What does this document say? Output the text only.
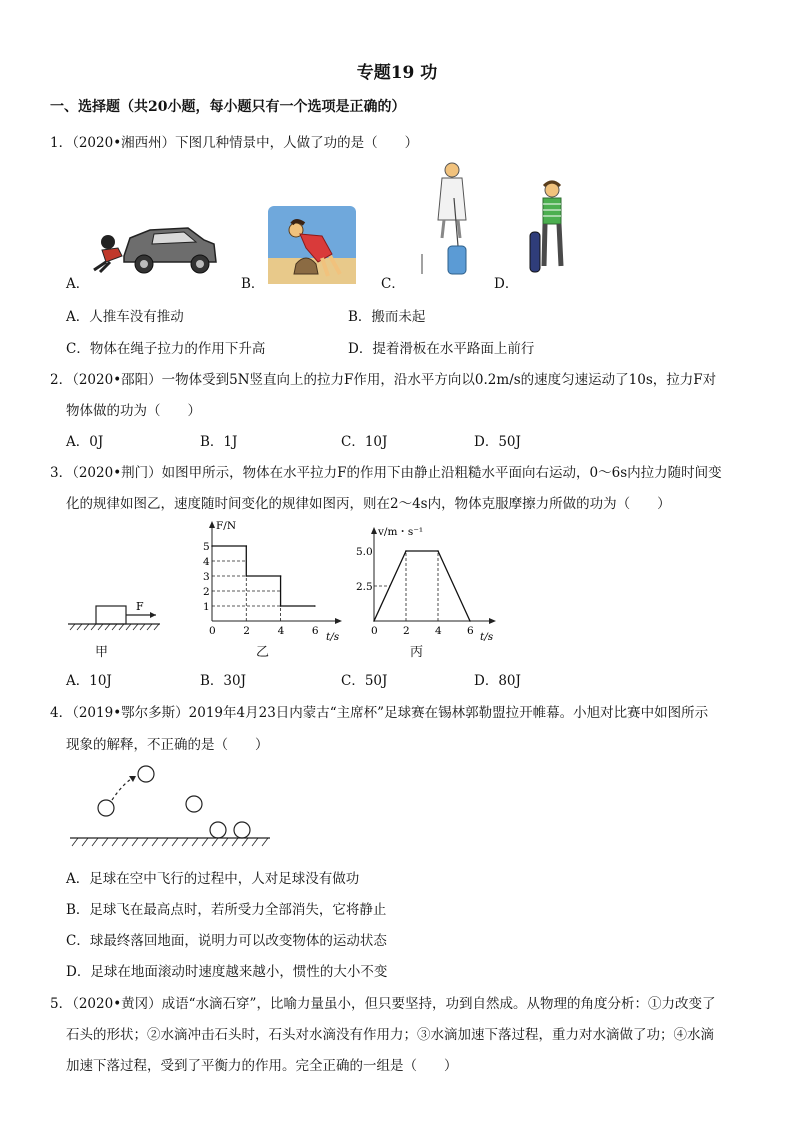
专题19 功
一、选择题（共20小题，每小题只有一个选项是正确的）
1．（2020•湘西州）下图几种情景中，人做了功的是（　　）
A．	B．	C．	D．
A．人推车没有推动	B．搬而未起
C．物体在绳子拉力的作用下升高	D．提着滑板在水平路面上前行
2．（2020•邵阳）一物体受到5N竖直向上的拉力F作用，沿水平方向以0.2m/s的速度匀速运动了10s，拉力F对
物体做的功为（　　）
A．0J	B．1J	C．10J	D．50J
3．（2020•荆门）如图甲所示，物体在水平拉力F的作用下由静止沿粗糙水平面向右运动，0～6s内拉力随时间变
化的规律如图乙，速度随时间变化的规律如图丙，则在2～4s内，物体克服摩擦力所做的功为（　　）
F
甲
F/N
t/s
0	2	4	6
5
4
3
2
1
乙
v/m・s⁻¹
t/s
0 2 4 6
5.0
2.5
丙
A．10J	B．30J	C．50J	D．80J
4．（2019•鄂尔多斯）2019年4月23日内蒙古“主席杯”足球赛在锡林郭勒盟拉开帷幕。小旭对比赛中如图所示
现象的解释，不正确的是（　　）
A．足球在空中飞行的过程中，人对足球没有做功
B．足球飞在最高点时，若所受力全部消失，它将静止
C．球最终落回地面，说明力可以改变物体的运动状态
D．足球在地面滚动时速度越来越小，惯性的大小不变
5．（2020•黄冈）成语“水滴石穿”，比喻力量虽小，但只要坚持，功到自然成。从物理的角度分析：①力改变了
石头的形状；②水滴冲击石头时，石头对水滴没有作用力；③水滴加速下落过程，重力对水滴做了功；④水滴
加速下落过程，受到了平衡力的作用。完全正确的一组是（　　）
